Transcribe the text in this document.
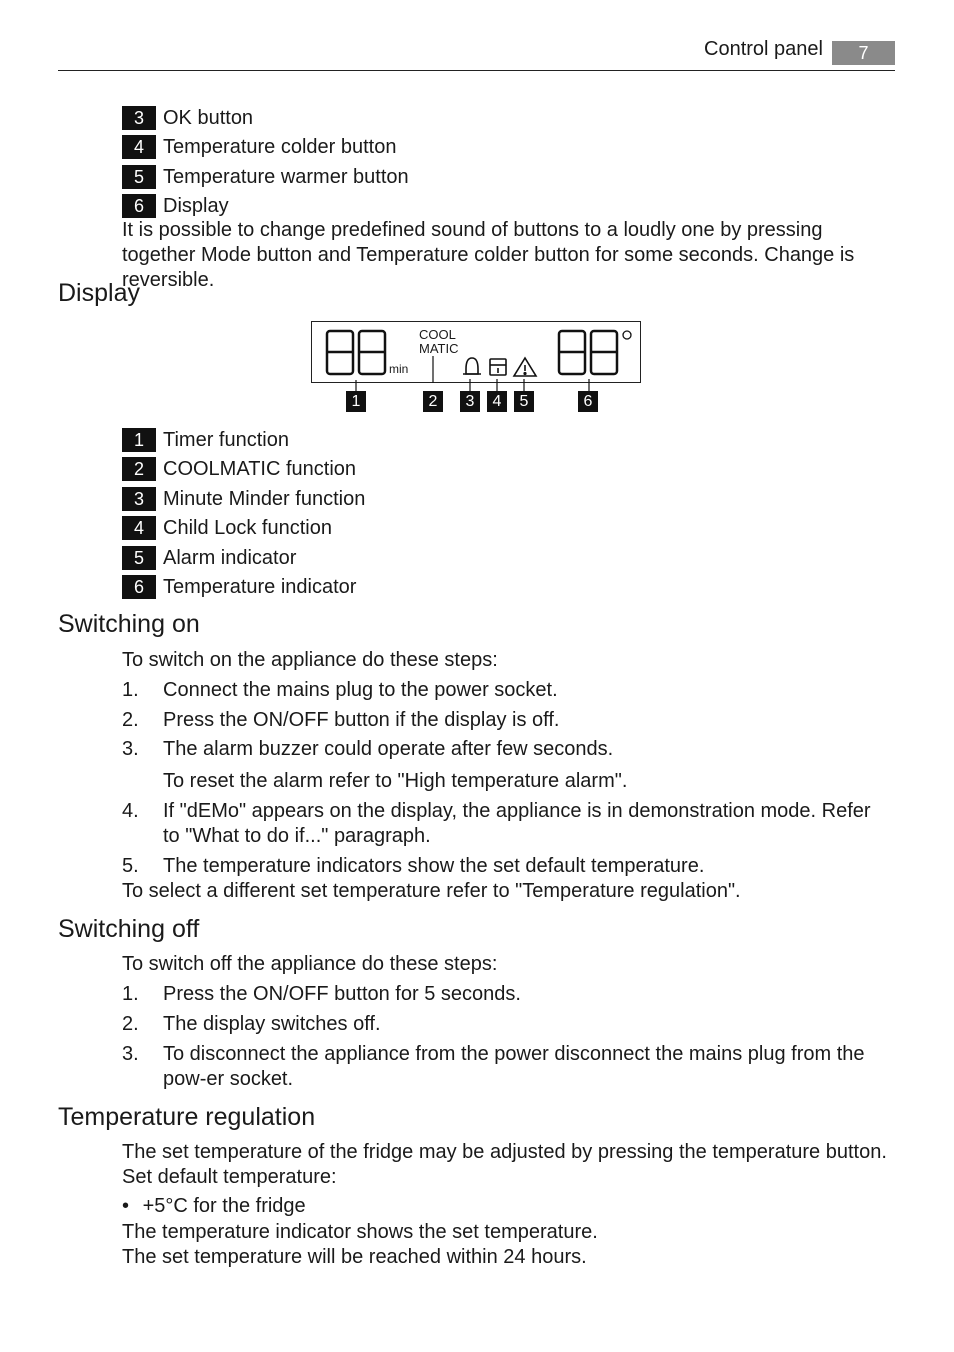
Control panel	7
3 OK button
4 Temperature colder button
5 Temperature warmer button
6 Display
It is possible to change predefined sound of buttons to a loudly one by pressing together Mode button and Temperature colder button for some seconds. Change is reversible.
Display
min
COOL
MATIC
1	2	3	4	5	6
1 Timer function
2 COOLMATIC function
3 Minute Minder function
4 Child Lock function
5 Alarm indicator
6 Temperature indicator
Switching on
To switch on the appliance do these steps:
1. Connect the mains plug to the power socket.
2. Press the ON/OFF button if the display is off.
3. The alarm buzzer could operate after few seconds.
To reset the alarm refer to "High temperature alarm".
4. If "dEMo" appears on the display, the appliance is in demonstration mode. Refer to "What to do if..." paragraph.
5. The temperature indicators show the set default temperature.
To select a different set temperature refer to "Temperature regulation".
Switching off
To switch off the appliance do these steps:
1. Press the ON/OFF button for 5 seconds.
2. The display switches off.
3. To disconnect the appliance from the power disconnect the mains plug from the pow-er socket.
Temperature regulation
The set temperature of the fridge may be adjusted by pressing the temperature button.
Set default temperature:
• +5°C for the fridge
The temperature indicator shows the set temperature.
The set temperature will be reached within 24 hours.
